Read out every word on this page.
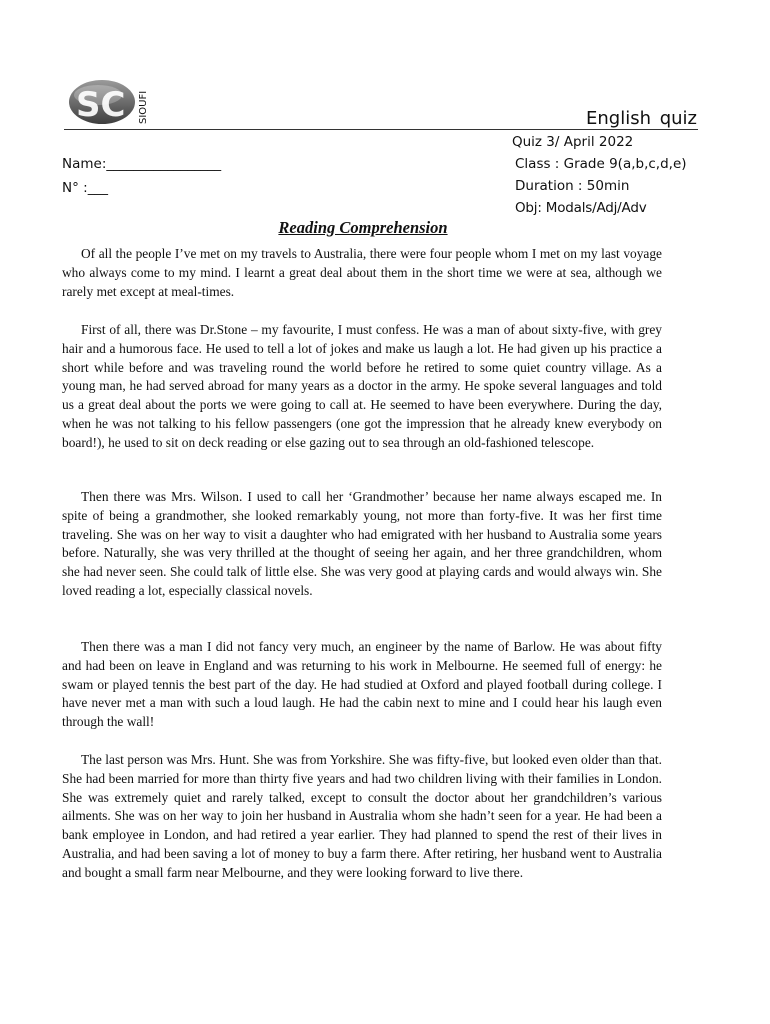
SC SIOUFI	English quiz
Quiz 3/ April 2022
Class : Grade 9(a,b,c,d,e)
Duration : 50min
Obj: Modals/Adj/Adv
Name:_________________
N° :___
Reading Comprehension

Of all the people I’ve met on my travels to Australia, there were four people whom I met on my last voyage who always come to my mind. I learnt a great deal about them in the short time we were at sea, although we rarely met except at meal-times.

First of all, there was Dr.Stone – my favourite, I must confess. He was a man of about sixty-five, with grey hair and a humorous face. He used to tell a lot of jokes and make us laugh a lot. He had given up his practice a short while before and was traveling round the world before he retired to some quiet country village. As a young man, he had served abroad for many years as a doctor in the army. He spoke several languages and told us a great deal about the ports we were going to call at. He seemed to have been everywhere. During the day, when he was not talking to his fellow passengers (one got the impression that he already knew everybody on board!), he used to sit on deck reading or else gazing out to sea through an old-fashioned telescope.

Then there was Mrs. Wilson. I used to call her ‘Grandmother’ because her name always escaped me. In spite of being a grandmother, she looked remarkably young, not more than forty-five. It was her first time traveling. She was on her way to visit a daughter who had emigrated with her husband to Australia some years before. Naturally, she was very thrilled at the thought of seeing her again, and her three grandchildren, whom she had never seen. She could talk of little else. She was very good at playing cards and would always win. She loved reading a lot, especially classical novels.

Then there was a man I did not fancy very much, an engineer by the name of Barlow. He was about fifty and had been on leave in England and was returning to his work in Melbourne. He seemed full of energy: he swam or played tennis the best part of the day. He had studied at Oxford and played football during college. I have never met a man with such a loud laugh. He had the cabin next to mine and I could hear his laugh even through the wall!

The last person was Mrs. Hunt. She was from Yorkshire. She was fifty-five, but looked even older than that. She had been married for more than thirty five years and had two children living with their families in London. She was extremely quiet and rarely talked, except to consult the doctor about her grandchildren’s various ailments. She was on her way to join her husband in Australia whom she hadn’t seen for a year. He had been a bank employee in London, and had retired a year earlier. They had planned to spend the rest of their lives in Australia, and had been saving a lot of money to buy a farm there. After retiring, her husband went to Australia and bought a small farm near Melbourne, and they were looking forward to live there.
